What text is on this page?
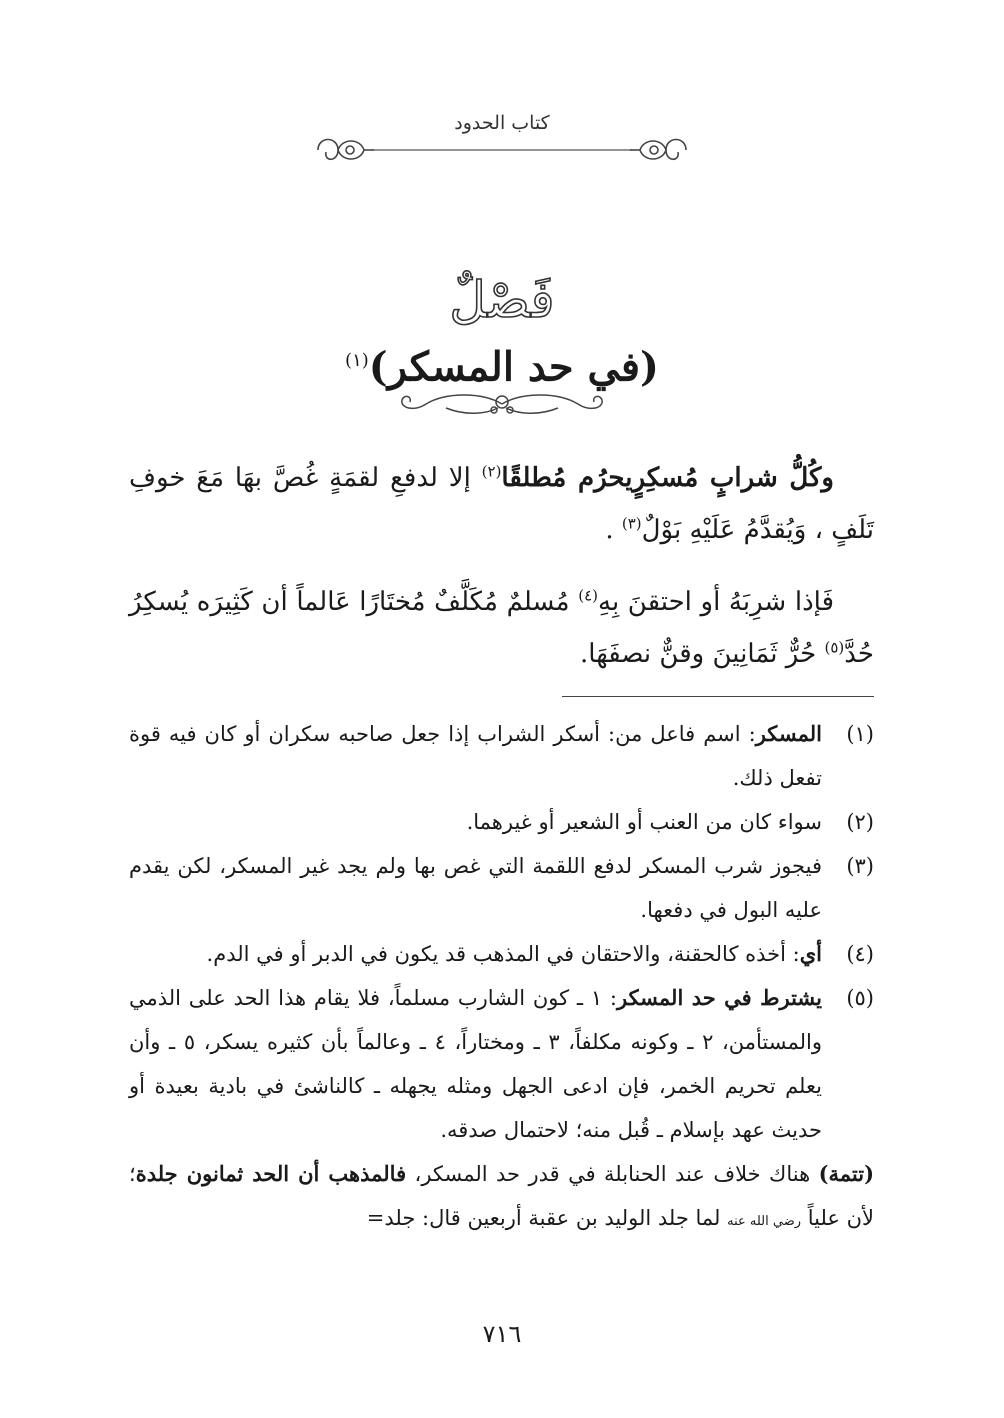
كتاب الحدود
فَصْلٌ
(في حد المسكر)$^{(١)}$

وكُلُّ شرابٍ مُسكِرٍيحرُم مُطلقًا$^{(٢)}$ إلا لدفعِ لقمَةٍ غُصَّ بهَا مَعَ خوفِ تَلَفٍ ، وَيُقدَّمُ عَلَيْهِ بَوْلٌ$^{(٣)}$ .

فَإذا شرِبَهُ أو احتقنَ بِهِ$^{(٤)}$ مُسلمٌ مُكَلَّفٌ مُختَارًا عَالماً أن كَثِيرَه يُسكِرُ حُدَّ$^{(٥)}$ حُرٌّ ثَمَانِينَ وقنٌّ نصفَهَا.

(١)
المسكر: اسم فاعل من: أسكر الشراب إذا جعل صاحبه سكران أو كان فيه قوة تفعل ذلك.

(٢)
سواء كان من العنب أو الشعير أو غيرهما.

(٣)
فيجوز شرب المسكر لدفع اللقمة التي غص بها ولم يجد غير المسكر، لكن يقدم عليه البول في دفعها.

(٤)
أي: أخذه كالحقنة، والاحتقان في المذهب قد يكون في الدبر أو في الدم.

(٥)
يشترط في حد المسكر: ١ ـ كون الشارب مسلماً، فلا يقام هذا الحد على الذمي والمستأمن، ٢ ـ وكونه مكلفاً، ٣ ـ ومختاراً، ٤ ـ وعالماً بأن كثيره يسكر، ٥ ـ وأن يعلم تحريم الخمر، فإن ادعى الجهل ومثله يجهله ـ كالناشئ في بادية بعيدة أو حديث عهد بإسلام ـ قُبل منه؛ لاحتمال صدقه.

(تتمة) هناك خلاف عند الحنابلة في قدر حد المسكر، فالمذهب أن الحد ثمانون جلدة؛ لأن علياً رضي الله عنه لما جلد الوليد بن عقبة أربعين قال: جلد=

٧١٦
